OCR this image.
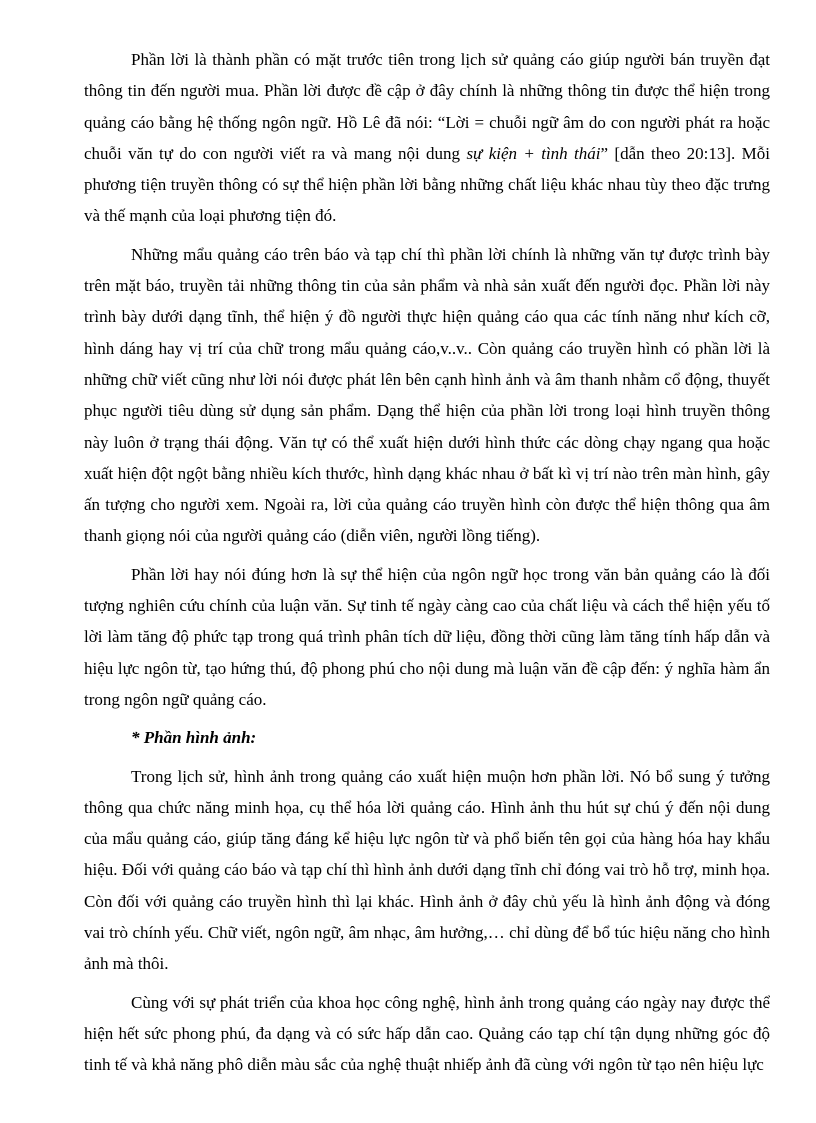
Phần lời là thành phần có mặt trước tiên trong lịch sử quảng cáo giúp người bán truyền đạt thông tin đến người mua. Phần lời được đề cập ở đây chính là những thông tin được thể hiện trong quảng cáo bằng hệ thống ngôn ngữ. Hồ Lê đã nói: “Lời = chuỗi ngữ âm do con người phát ra hoặc chuỗi văn tự do con người viết ra và mang nội dung sự kiện + tình thái” [dẫn theo 20:13]. Mỗi phương tiện truyền thông có sự thể hiện phần lời bằng những chất liệu khác nhau tùy theo đặc trưng và thế mạnh của loại phương tiện đó.

Những mẩu quảng cáo trên báo và tạp chí thì phần lời chính là những văn tự được trình bày trên mặt báo, truyền tải những thông tin của sản phẩm và nhà sản xuất đến người đọc. Phần lời này trình bày dưới dạng tĩnh, thể hiện ý đồ người thực hiện quảng cáo qua các tính năng như kích cỡ, hình dáng hay vị trí của chữ trong mẩu quảng cáo,v..v.. Còn quảng cáo truyền hình có phần lời là những chữ viết cũng như lời nói được phát lên bên cạnh hình ảnh và âm thanh nhằm cổ động, thuyết phục người tiêu dùng sử dụng sản phẩm. Dạng thể hiện của phần lời trong loại hình truyền thông này luôn ở trạng thái động. Văn tự có thể xuất hiện dưới hình thức các dòng chạy ngang qua hoặc xuất hiện đột ngột bằng nhiều kích thước, hình dạng khác nhau ở bất kì vị trí nào trên màn hình, gây ấn tượng cho người xem. Ngoài ra, lời của quảng cáo truyền hình còn được thể hiện thông qua âm thanh giọng nói của người quảng cáo (diễn viên, người lồng tiếng).

Phần lời hay nói đúng hơn là sự thể hiện của ngôn ngữ học trong văn bản quảng cáo là đối tượng nghiên cứu chính của luận văn. Sự tinh tế ngày càng cao của chất liệu và cách thể hiện yếu tố lời làm tăng độ phức tạp trong quá trình phân tích dữ liệu, đồng thời cũng làm tăng tính hấp dẫn và hiệu lực ngôn từ, tạo hứng thú, độ phong phú cho nội dung mà luận văn đề cập đến: ý nghĩa hàm ẩn trong ngôn ngữ quảng cáo.

* Phần hình ảnh:

Trong lịch sử, hình ảnh trong quảng cáo xuất hiện muộn hơn phần lời. Nó bổ sung ý tưởng thông qua chức năng minh họa, cụ thể hóa lời quảng cáo. Hình ảnh thu hút sự chú ý đến nội dung của mẩu quảng cáo, giúp tăng đáng kể hiệu lực ngôn từ và phổ biến tên gọi của hàng hóa hay khẩu hiệu. Đối với quảng cáo báo và tạp chí thì hình ảnh dưới dạng tĩnh chỉ đóng vai trò hỗ trợ, minh họa. Còn đối với quảng cáo truyền hình thì lại khác. Hình ảnh ở đây chủ yếu là hình ảnh động và đóng vai trò chính yếu. Chữ viết, ngôn ngữ, âm nhạc, âm hưởng,… chỉ dùng để bổ túc hiệu năng cho hình ảnh mà thôi.

Cùng với sự phát triển của khoa học công nghệ, hình ảnh trong quảng cáo ngày nay được thể hiện hết sức phong phú, đa dạng và có sức hấp dẫn cao. Quảng cáo tạp chí tận dụng những góc độ tinh tế và khả năng phô diễn màu sắc của nghệ thuật nhiếp ảnh đã cùng với ngôn từ tạo nên hiệu lực
